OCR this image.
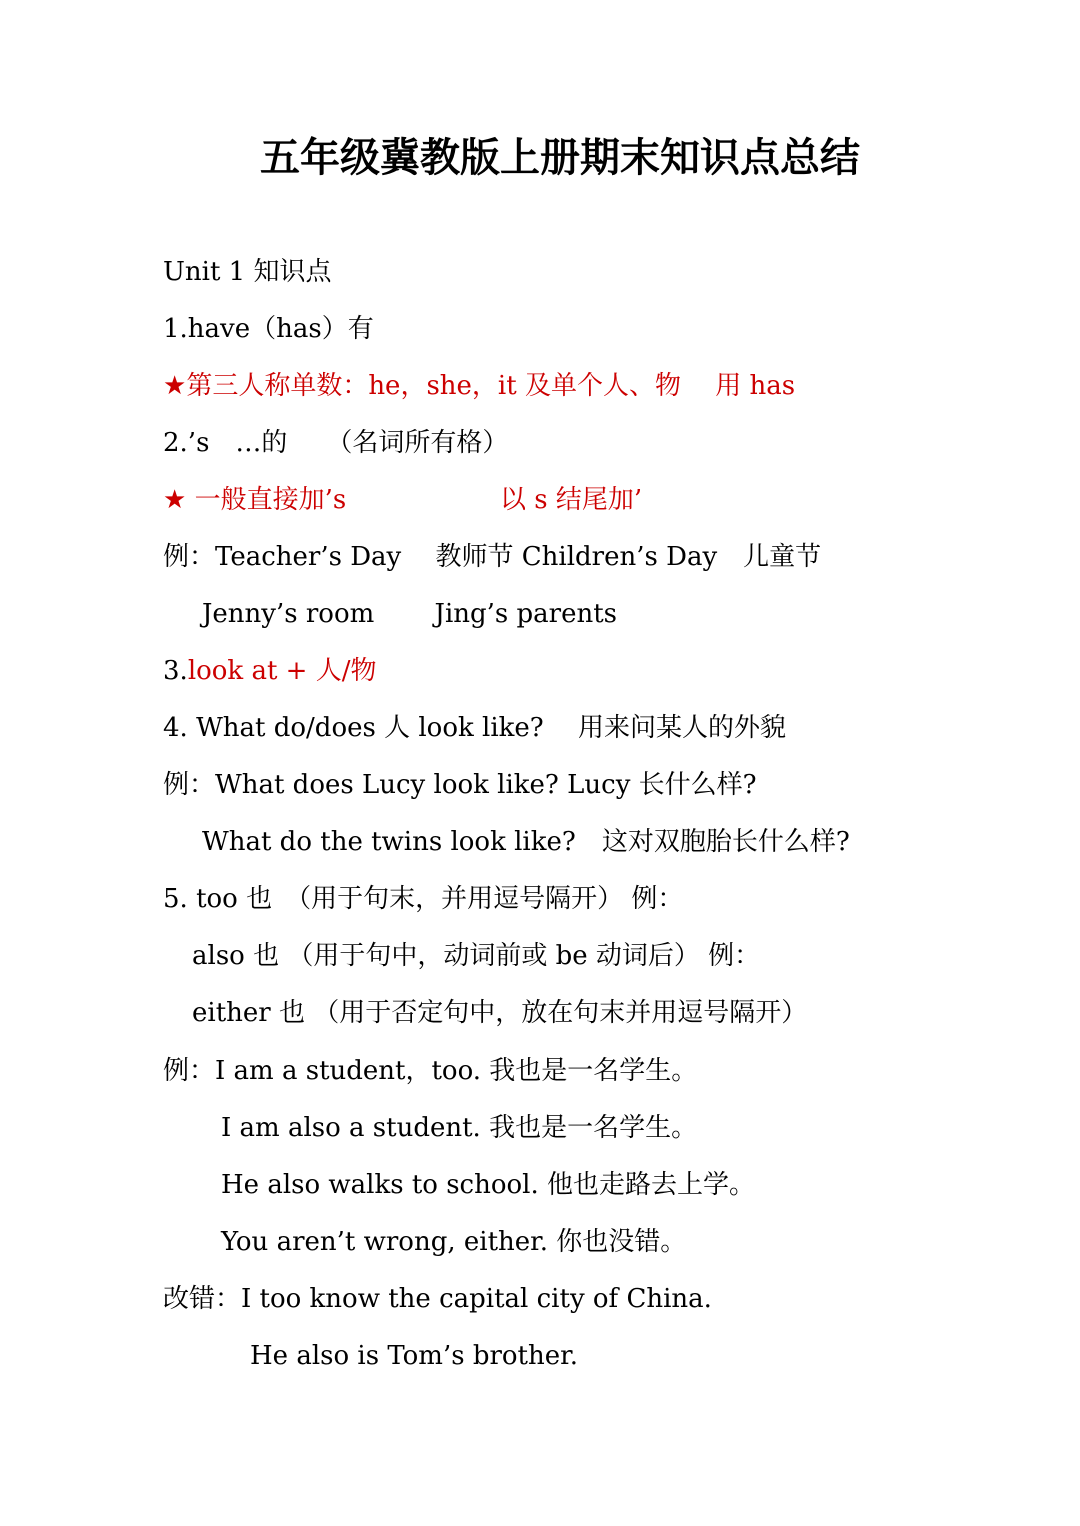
五年级冀教版上册期末知识点总结
Unit 1 知识点
1.have（has）有
★第三人称单数：he，she，it 及单个人、物　 用 has
2.’s　…的　　（名词所有格）
★ 一般直接加’s	以 s 结尾加’
例：Teacher’s Day　 教师节 Children’s Day　儿童节
Jenny’s room　　 Jing’s parents
3.look at + 人/物
4. What do/does 人 look like?　 用来问某人的外貌
例：What does Lucy look like? Lucy 长什么样?
What do the twins look like?　这对双胞胎长什么样?
5. too 也　（用于句末，并用逗号隔开） 例：
also 也 （用于句中，动词前或 be 动词后） 例：
either 也 （用于否定句中，放在句末并用逗号隔开）
例：I am a student，too. 我也是一名学生。
I am also a student. 我也是一名学生。
He also walks to school. 他也走路去上学。
You aren’t wrong, either. 你也没错。
改错：I too know the capital city of China.
He also is Tom’s brother.
